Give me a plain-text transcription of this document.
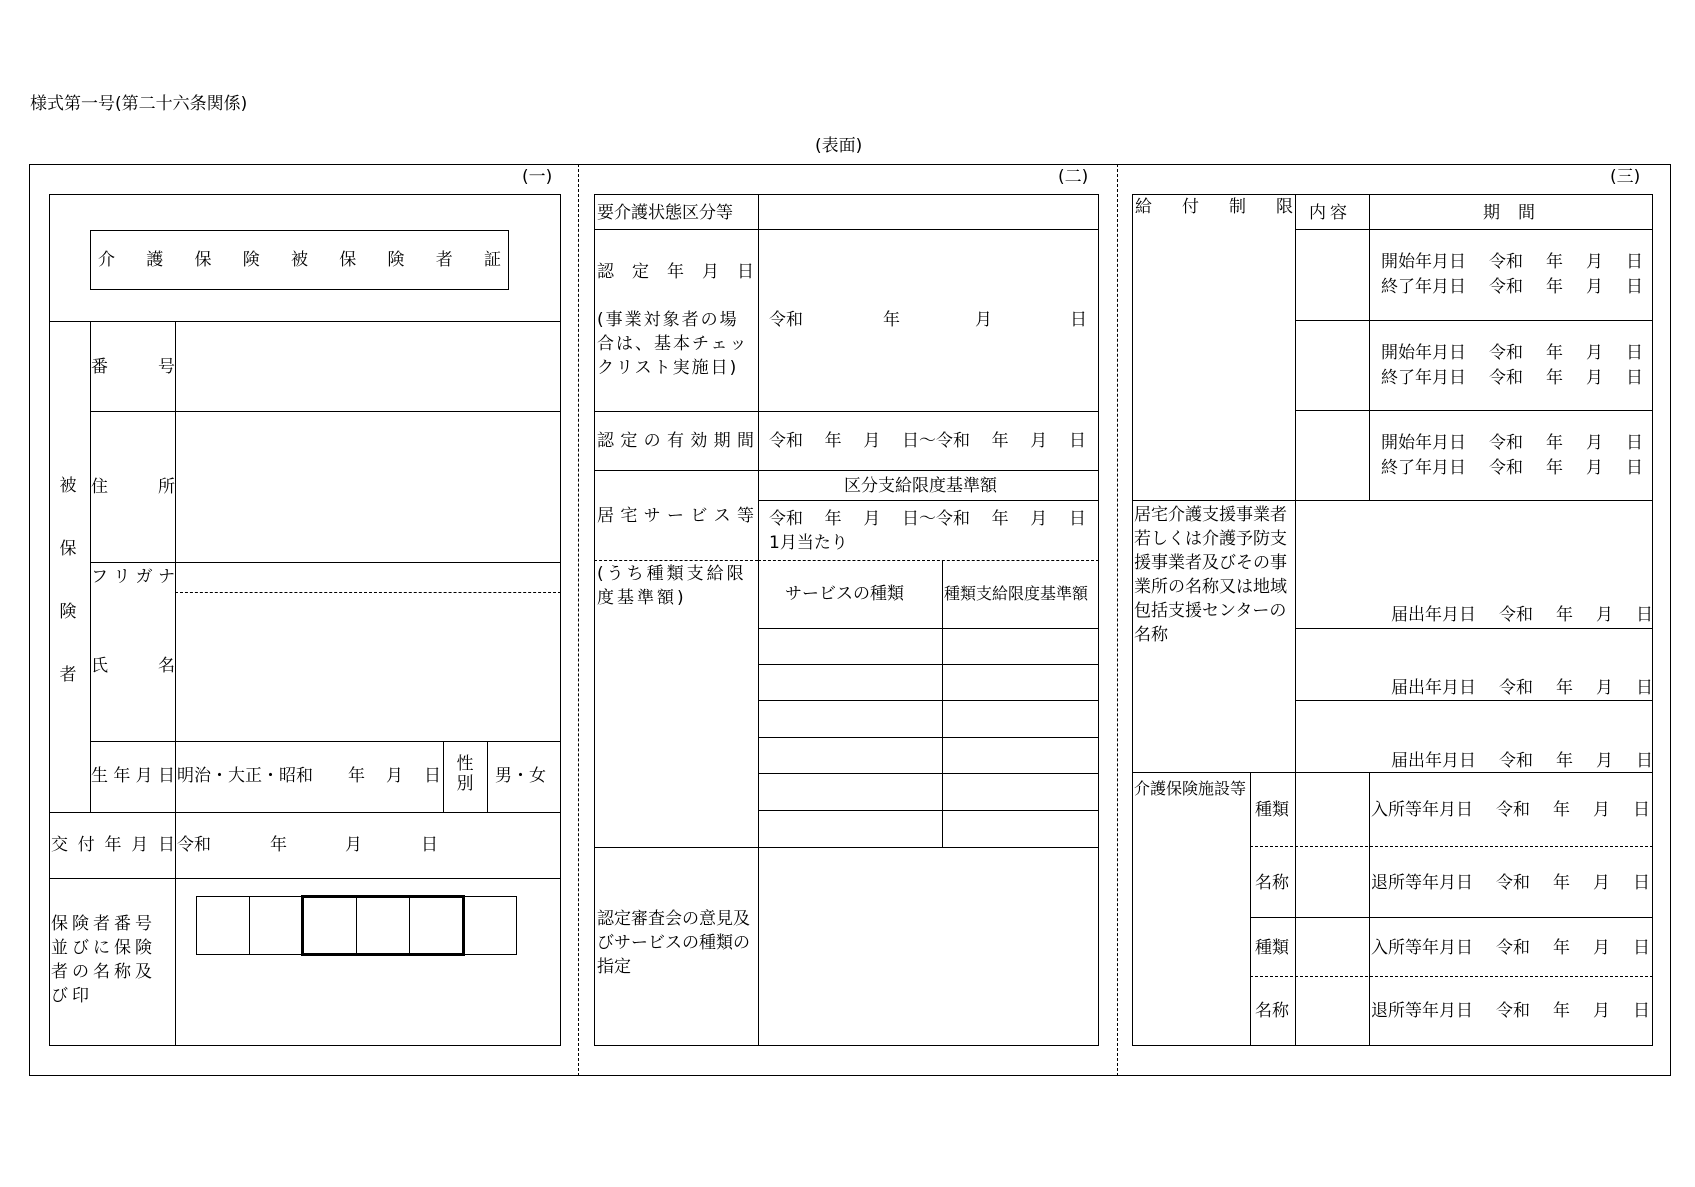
様式第一号(第二十六条関係)
(表面)
(一)
介 護 保 険 被 保 険 者 証
被保険者
番	号
住	所
フ リ ガ ナ
氏	名
生 年 月 日 明治・大正・昭和 年 月 日
性別	男・女
交 付 年 月 日 令和	年	月	日
保険者番号並びに保険者の名称及び印
(二)
要介護状態区分等
認 定 年 月 日
(事業対象者の場合は、基本チェックリスト実施日)
令和	年	月	日
認 定 の 有 効 期 間 令和 年 月 日～令和 年 月 日
区分支給限度基準額
居 宅 サ ー ビ ス 等 令和 年 月 日～令和 年 月 日
1月当たり
(うち種類支給限度基準額)	サービスの種類	種類支給限度基準額
認定審査会の意見及びサービスの種類の指定
(三)
給 付 制 限 内容	期間
開始年月日 令和 年 月 日
終了年月日 令和 年 月 日
開始年月日 令和 年 月 日
終了年月日 令和 年 月 日
開始年月日 令和 年 月 日
終了年月日 令和 年 月 日
居宅介護支援事業者若しくは介護予防支援事業者及びその事業所の名称又は地域包括支援センターの名称
届出年月日 令和 年 月 日
届出年月日 令和 年 月 日
届出年月日 令和 年 月 日
介護保険施設等
種類	入所等年月日 令和 年 月 日
名称	退所等年月日 令和 年 月 日
種類	入所等年月日 令和 年 月 日
名称	退所等年月日 令和 年 月 日
